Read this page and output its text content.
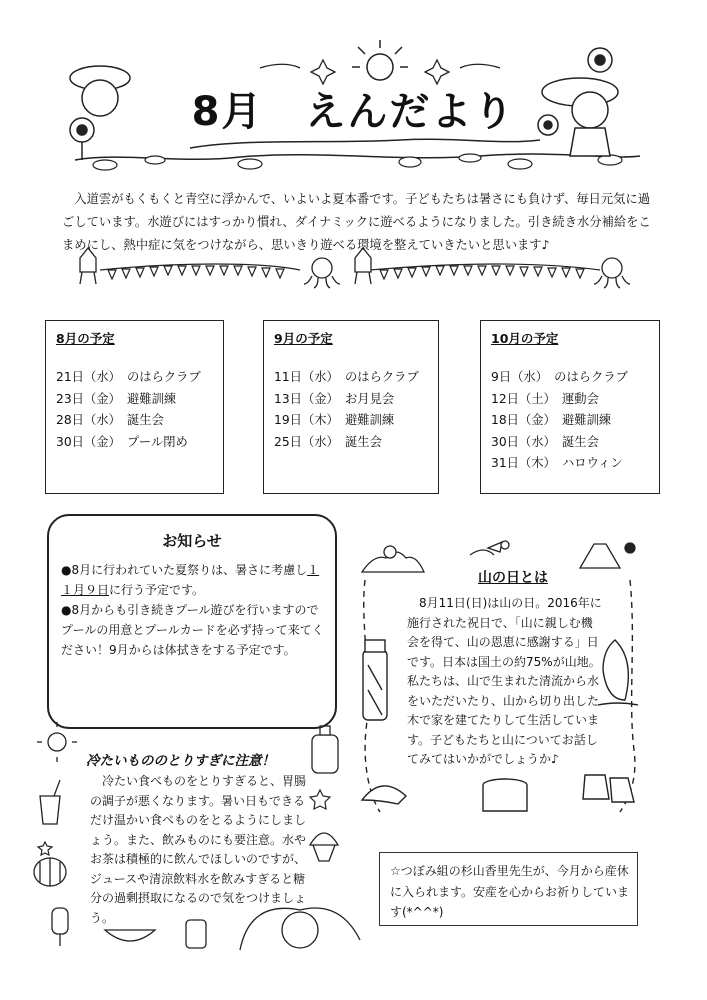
8月　えんだより

　入道雲がもくもくと青空に浮かんで、いよいよ夏本番です。子どもたちは暑さにも負けず、毎日元気に過ごしています。水遊びにはすっかり慣れ、ダイナミックに遊べるようになりました。引き続き水分補給をこまめにし、熱中症に気をつけながら、思いきり遊べる環境を整えていきたいと思います♪

8月の予定
21日（水）　のはらクラブ
23日（金）　避難訓練
28日（水）　誕生会
30日（金）　プール閉め
9月の予定
11日（水）　のはらクラブ
13日（金）　お月見会
19日（木）　避難訓練
25日（水）　誕生会
10月の予定
9日（水）　のはらクラブ
12日（土）　運動会
18日（金）　避難訓練
30日（水）　誕生会
31日（木）　ハロウィン
お知らせ
●8月に行われていた夏祭りは、暑さに考慮し１１月９日に行う予定です。
●8月からも引き続きプール遊びを行いますのでプールの用意とプールカードを必ず持って来てください！9月からは体拭きをする予定です。
山の日とは
　8月11日(日)は山の日。2016年に施行された祝日で、「山に親しむ機会を得て、山の恩恵に感謝する」日です。日本は国土の約75%が山地。私たちは、山で生まれた清流から水をいただいたり、山から切り出した木で家を建てたりして生活しています。子どもたちと山についてお話してみてはいかがでしょうか♪
冷たいもののとりすぎに注意！
　冷たい食べものをとりすぎると、胃腸の調子が悪くなります。暑い日もできるだけ温かい食べものをとるようにしましょう。また、飲みものにも要注意。水やお茶は積極的に飲んでほしいのですが、ジュースや清涼飲料水を飲みすぎると糖分の過剰摂取になるので気をつけましょう。
☆つぼみ組の杉山香里先生が、今月から産休に入られます。安産を心からお祈りしています(*^^*)
